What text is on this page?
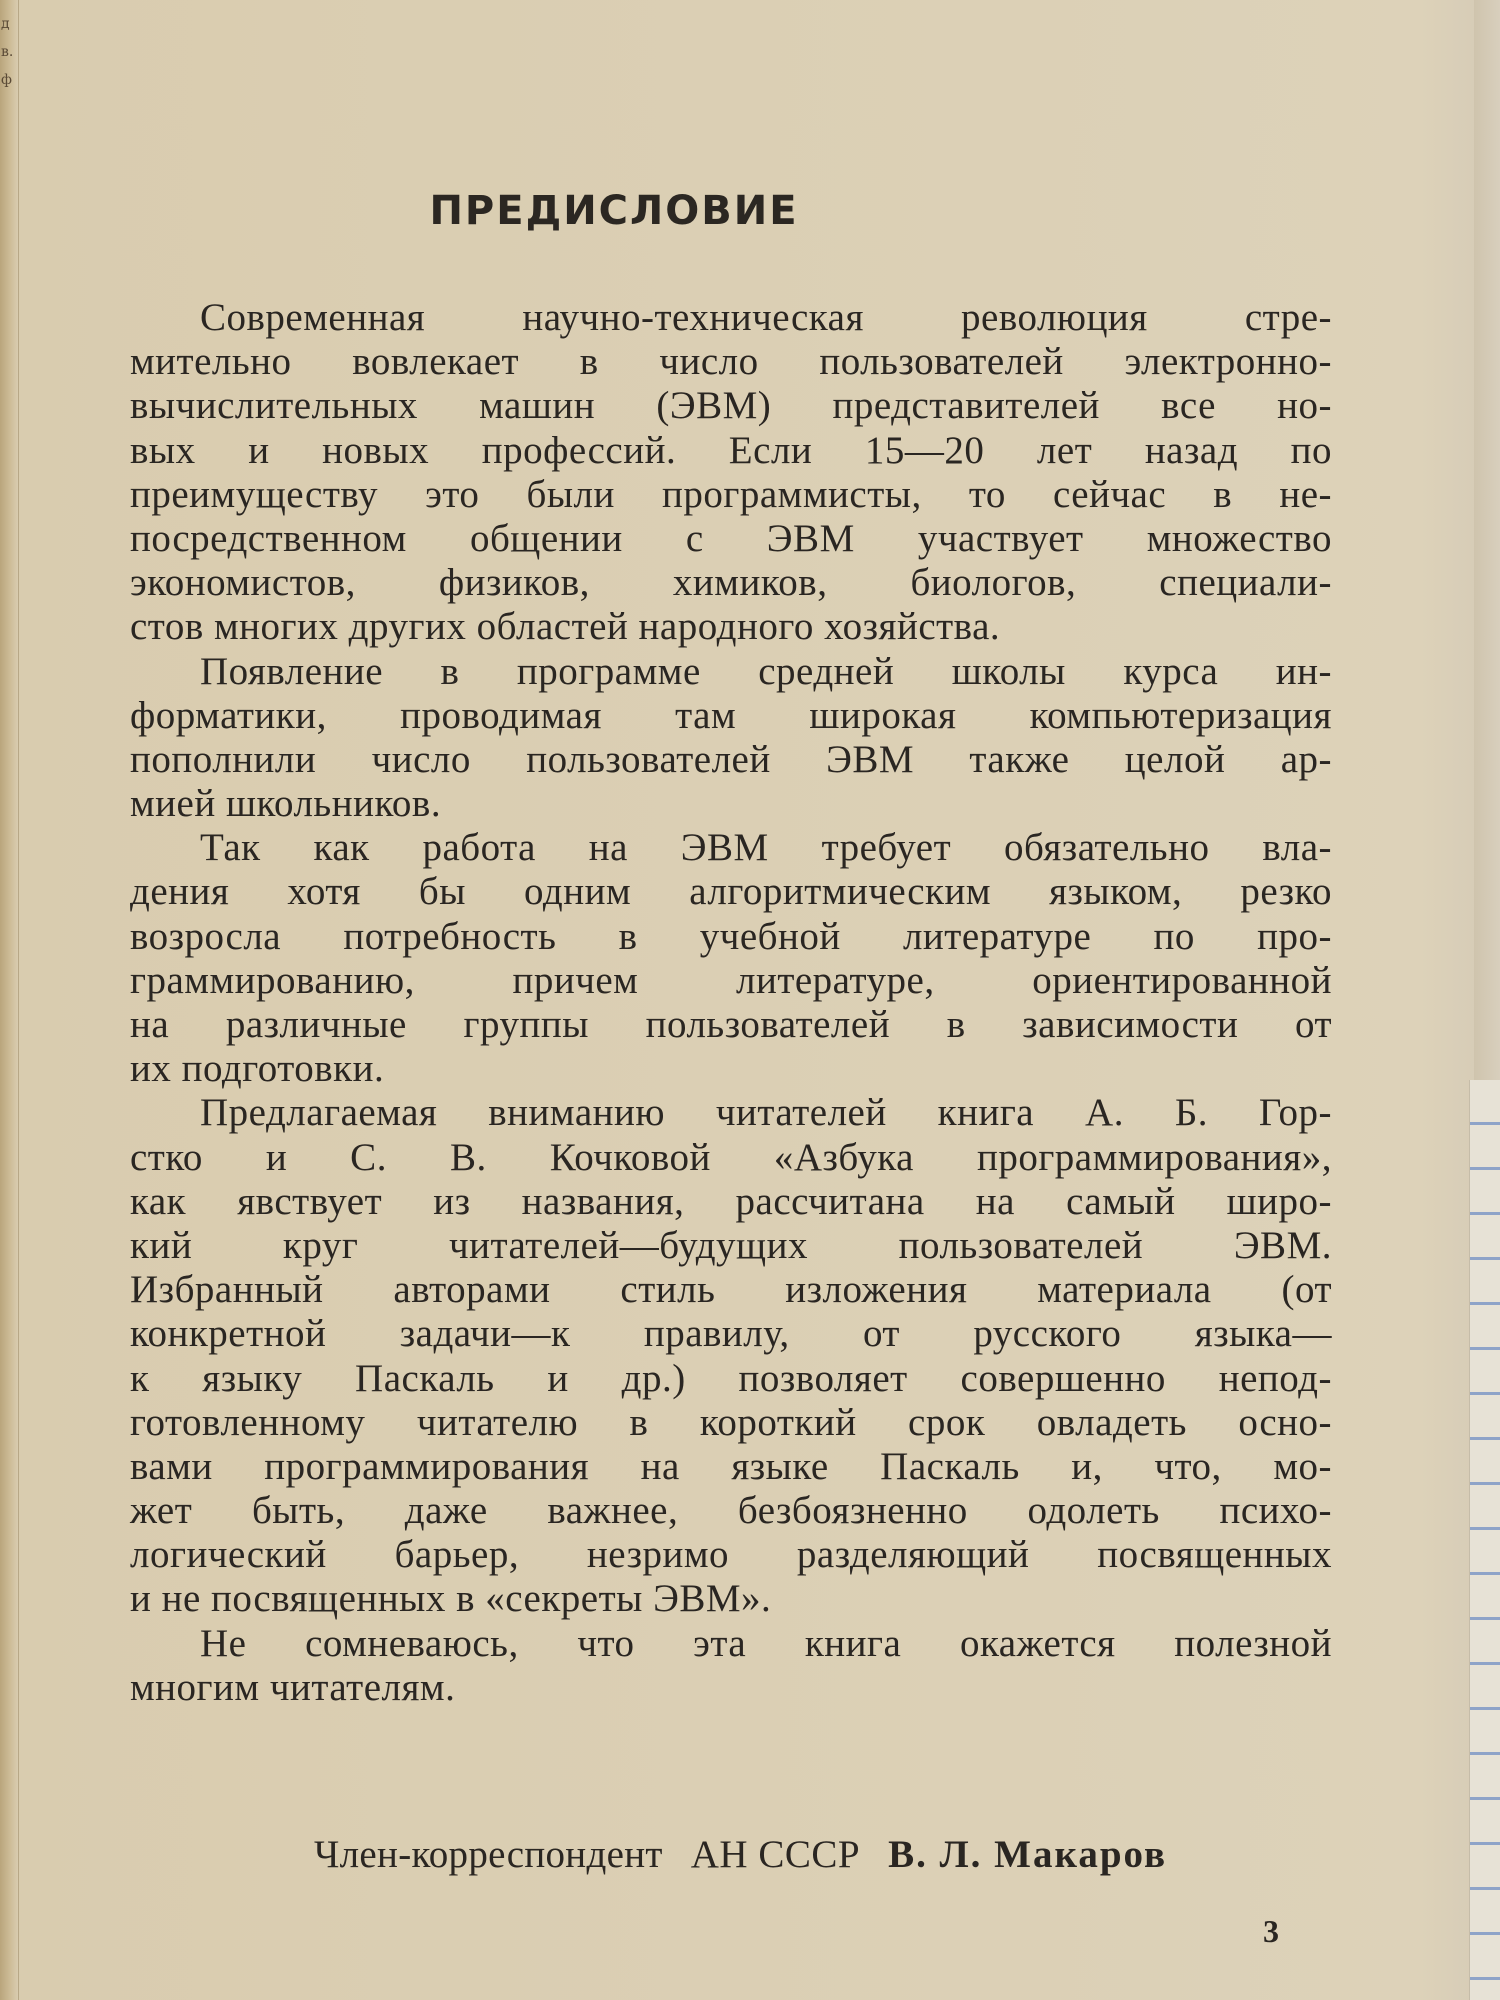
дв.ф
ПРЕДИСЛОВИЕ
Современная научно-техническая революция стре-
мительно вовлекает в число пользователей электронно-
вычислительных машин (ЭВМ) представителей все но-
вых и новых профессий. Если 15—20 лет назад по
преимуществу это были программисты, то сейчас в не-
посредственном общении с ЭВМ участвует множество
экономистов, физиков, химиков, биологов, специали-
стов многих других областей народного хозяйства.
Появление в программе средней школы курса ин-
форматики, проводимая там широкая компьютеризация
пополнили число пользователей ЭВМ также целой ар-
мией школьников.
Так как работа на ЭВМ требует обязательно вла-
дения хотя бы одним алгоритмическим языком, резко
возросла потребность в учебной литературе по про-
граммированию, причем литературе, ориентированной
на различные группы пользователей в зависимости от
их подготовки.
Предлагаемая вниманию читателей книга А. Б. Гор-
стко и С. В. Кочковой «Азбука программирования»,
как явствует из названия, рассчитана на самый широ-
кий круг читателей—будущих пользователей ЭВМ.
Избранный авторами стиль изложения материала (от
конкретной задачи—к правилу, от русского языка—
к языку Паскаль и др.) позволяет совершенно непод-
готовленному читателю в короткий срок овладеть осно-
вами программирования на языке Паскаль и, что, мо-
жет быть, даже важнее, безбоязненно одолеть психо-
логический барьер, незримо разделяющий посвященных
и не посвященных в «секреты ЭВМ».
Не сомневаюсь, что эта книга окажется полезной
многим читателям.
Член-корреспондент АН СССР В. Л. Макаров
3
